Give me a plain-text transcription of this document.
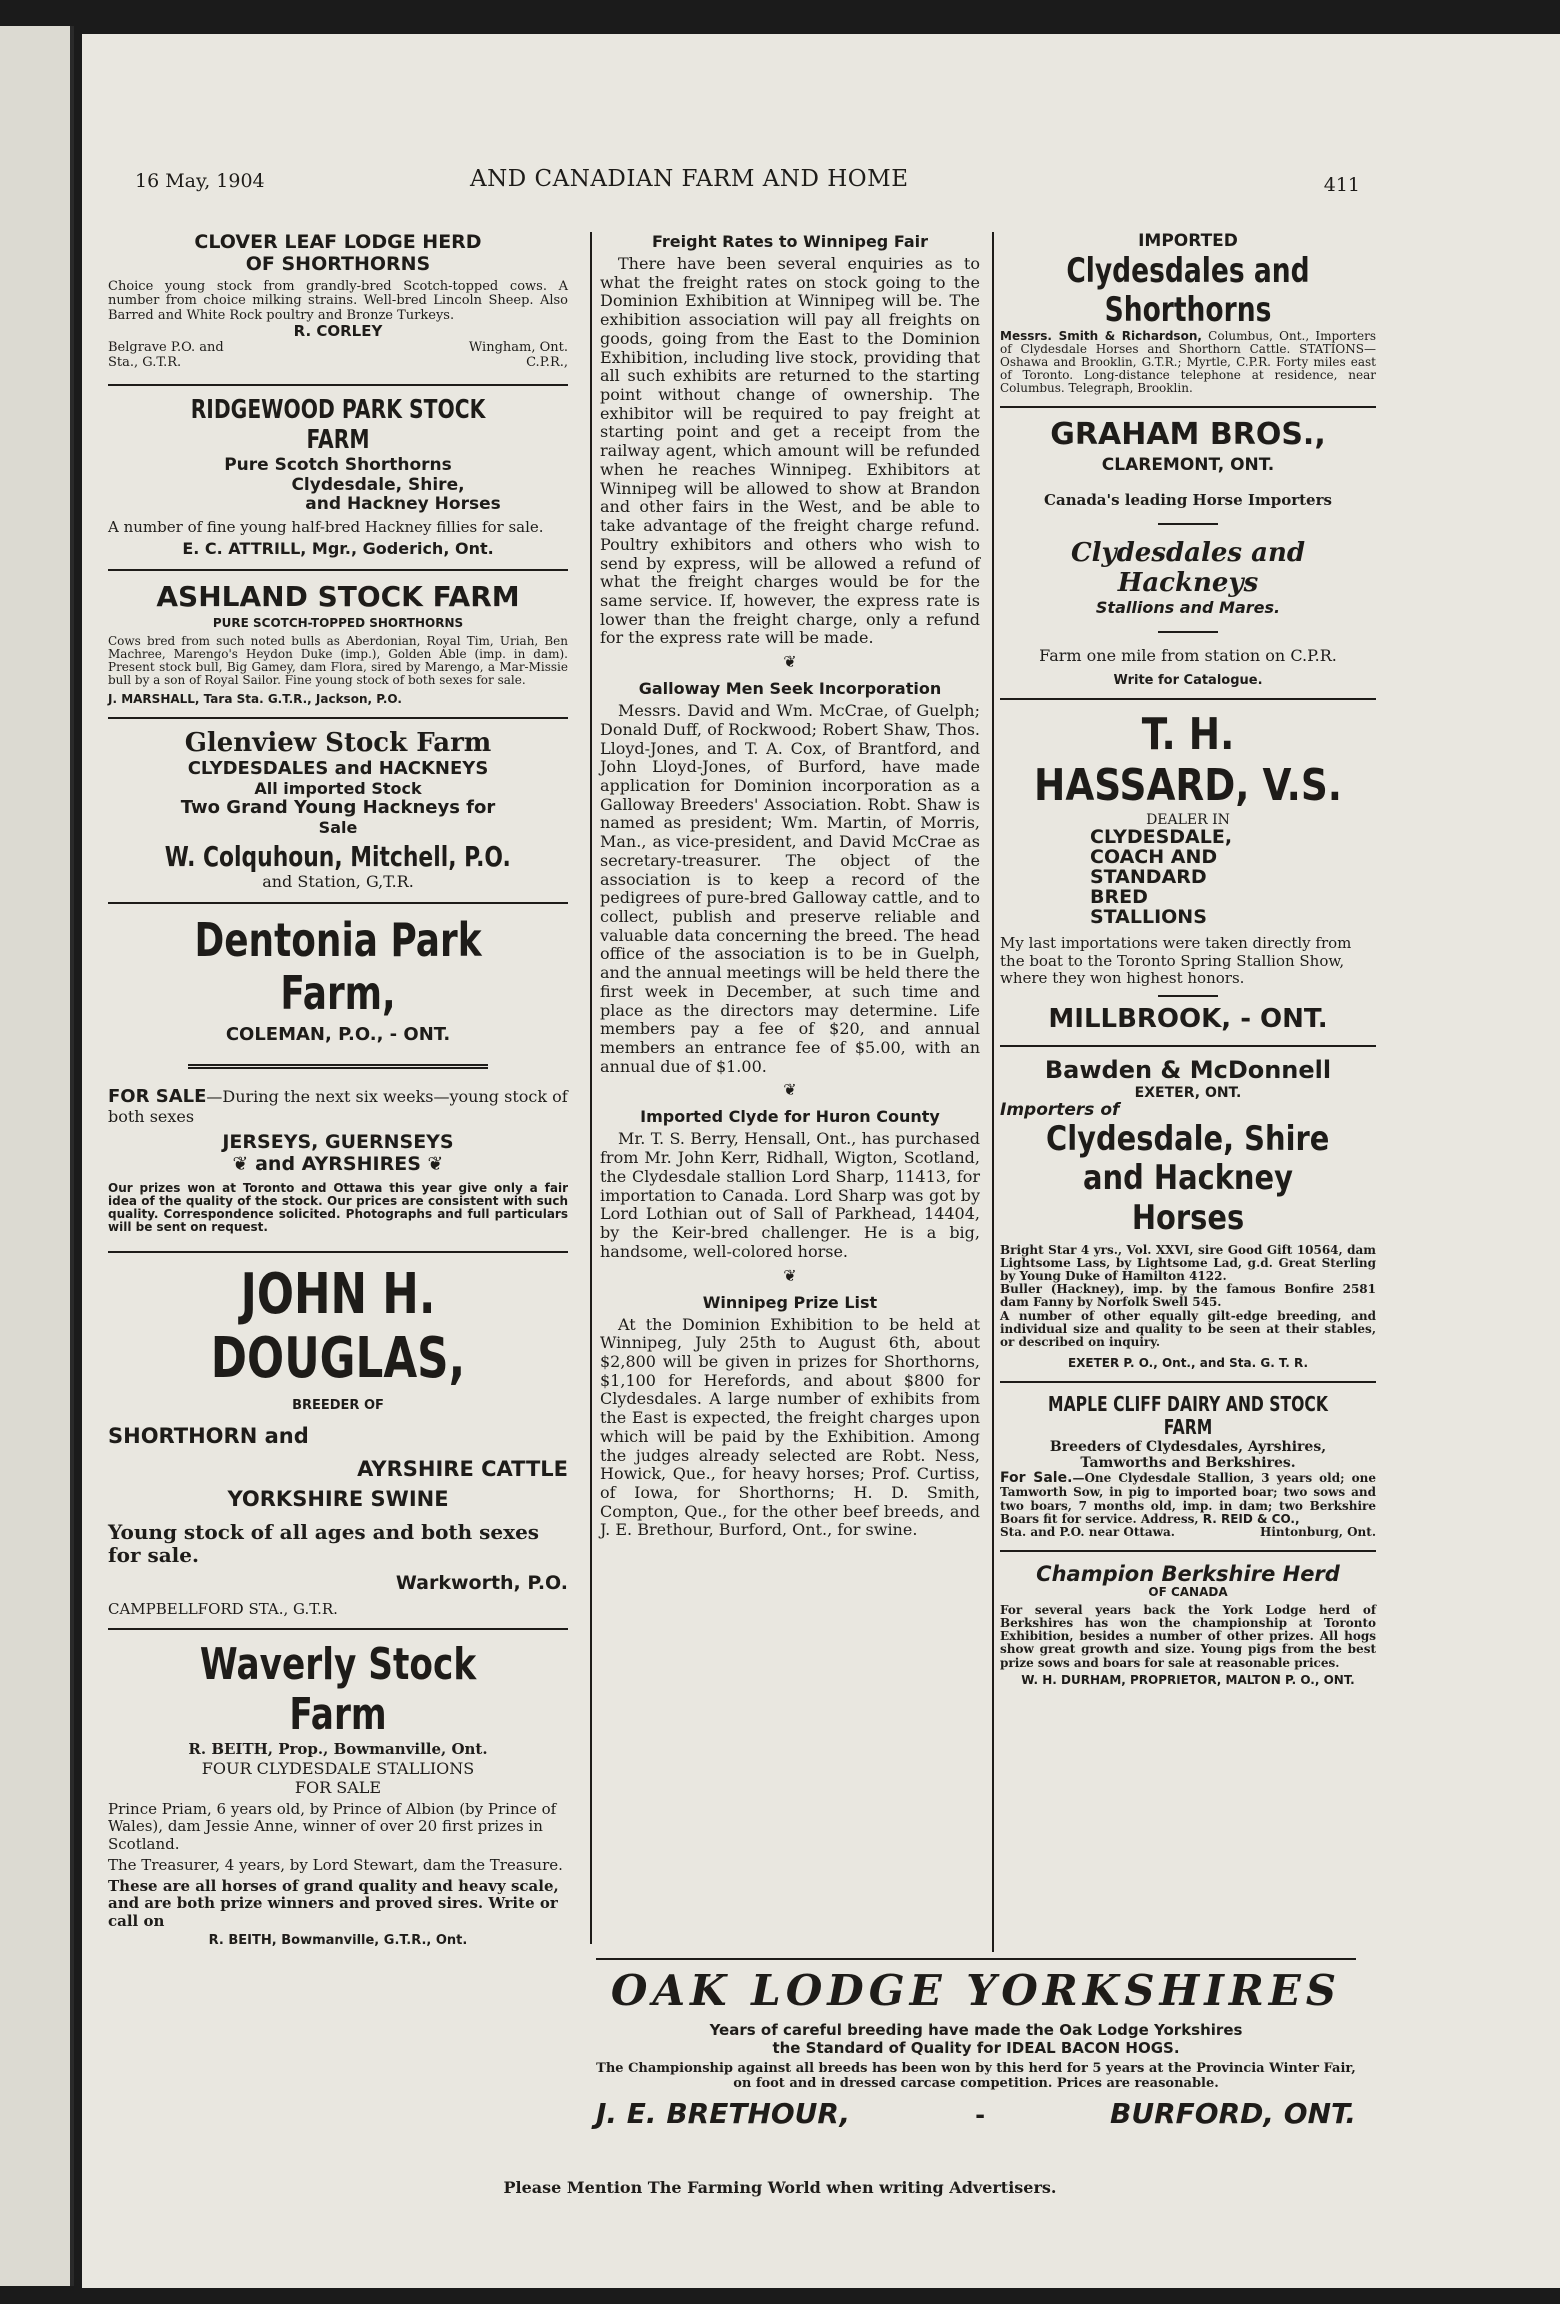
16 May, 1904	AND CANADIAN FARM AND HOME	411
CLOVER LEAF LODGE HERD
OF SHORTHORNS
Choice young stock from grandly-bred Scotch-topped cows. A number from choice milking strains. Well-bred Lincoln Sheep. Also Barred and White Rock poultry and Bronze Turkeys.
R. CORLEY
Belgrave P.O. and
Sta., G.T.R.
Wingham, Ont.
C.P.R.,
RIDGEWOOD PARK STOCK FARM
Pure Scotch Shorthorns
Clydesdale, Shire,
and Hackney Horses
A number of fine young half-bred Hackney fillies for sale.
E. C. ATTRILL, Mgr., Goderich, Ont.
ASHLAND STOCK FARM
PURE SCOTCH-TOPPED SHORTHORNS
Cows bred from such noted bulls as Aberdonian, Royal Tim, Uriah, Ben Machree, Marengo's Heydon Duke (imp.), Golden Able (imp. in dam). Present stock bull, Big Gamey, dam Flora, sired by Marengo, a Mar-Missie bull by a son of Royal Sailor. Fine young stock of both sexes for sale.
J. MARSHALL, Tara Sta. G.T.R., Jackson, P.O.
Glenview Stock Farm
CLYDESDALES and HACKNEYS
All imported Stock
Two Grand Young Hackneys for
Sale
W. Colquhoun, Mitchell, P.O.
and Station, G,T.R.
Dentonia Park Farm,
COLEMAN, P.O., - ONT.
FOR SALE—During the next six weeks—young stock of both sexes
JERSEYS, GUERNSEYS
❦ and AYRSHIRES ❦
Our prizes won at Toronto and Ottawa this year give only a fair idea of the quality of the stock. Our prices are consistent with such quality. Correspondence solicited. Photographs and full particulars will be sent on request.
JOHN H. DOUGLAS,
BREEDER OF
SHORTHORN and
AYRSHIRE CATTLE
YORKSHIRE SWINE
Young stock of all ages and both sexes for sale.
Warkworth, P.O.
CAMPBELLFORD STA., G.T.R.
Waverly Stock Farm
R. BEITH, Prop., Bowmanville, Ont.
FOUR CLYDESDALE STALLIONS
FOR SALE
Prince Priam, 6 years old, by Prince of Albion (by Prince of Wales), dam Jessie Anne, winner of over 20 first prizes in Scotland.
The Treasurer, 4 years, by Lord Stewart, dam the Treasure.
These are all horses of grand quality and heavy scale, and are both prize winners and proved sires. Write or call on
R. BEITH, Bowmanville, G.T.R., Ont.
Freight Rates to Winnipeg Fair

There have been several enquiries as to what the freight rates on stock going to the Dominion Exhibition at Winnipeg will be. The exhibition association will pay all freights on goods, going from the East to the Dominion Exhibition, including live stock, providing that all such exhibits are returned to the starting point without change of ownership. The exhibitor will be required to pay freight at starting point and get a receipt from the railway agent, which amount will be refunded when he reaches Winnipeg. Exhibitors at Winnipeg will be allowed to show at Brandon and other fairs in the West, and be able to take advantage of the freight charge refund. Poultry exhibitors and others who wish to send by express, will be allowed a refund of what the freight charges would be for the same service. If, however, the express rate is lower than the freight charge, only a refund for the express rate will be made.

❦
Galloway Men Seek Incorporation

Messrs. David and Wm. McCrae, of Guelph; Donald Duff, of Rockwood; Robert Shaw, Thos. Lloyd-Jones, and T. A. Cox, of Brantford, and John Lloyd-Jones, of Burford, have made application for Dominion incorporation as a Galloway Breeders' Association. Robt. Shaw is named as president; Wm. Martin, of Morris, Man., as vice-president, and David McCrae as secretary-treasurer. The object of the association is to keep a record of the pedigrees of pure-bred Galloway cattle, and to collect, publish and preserve reliable and valuable data concerning the breed. The head office of the association is to be in Guelph, and the annual meetings will be held there the first week in December, at such time and place as the directors may determine. Life members pay a fee of $20, and annual members an entrance fee of $5.00, with an annual due of $1.00.

❦
Imported Clyde for Huron County

Mr. T. S. Berry, Hensall, Ont., has purchased from Mr. John Kerr, Ridhall, Wigton, Scotland, the Clydesdale stallion Lord Sharp, 11413, for importation to Canada. Lord Sharp was got by Lord Lothian out of Sall of Parkhead, 14404, by the Keir-bred challenger. He is a big, handsome, well-colored horse.

❦
Winnipeg Prize List

At the Dominion Exhibition to be held at Winnipeg, July 25th to August 6th, about $2,800 will be given in prizes for Shorthorns, $1,100 for Herefords, and about $800 for Clydesdales. A large number of exhibits from the East is expected, the freight charges upon which will be paid by the Exhibition. Among the judges already selected are Robt. Ness, Howick, Que., for heavy horses; Prof. Curtiss, of Iowa, for Shorthorns; H. D. Smith, Compton, Que., for the other beef breeds, and J. E. Brethour, Burford, Ont., for swine.

IMPORTED
Clydesdales and Shorthorns
Messrs. Smith & Richardson, Columbus, Ont., Importers of Clydesdale Horses and Shorthorn Cattle. STATIONS—Oshawa and Brooklin, G.T.R.; Myrtle, C.P.R. Forty miles east of Toronto. Long-distance telephone at residence, near Columbus. Telegraph, Brooklin.
GRAHAM BROS.,
CLAREMONT, ONT.
Canada's leading Horse Importers
Clydesdales and Hackneys
Stallions and Mares.
Farm one mile from station on C.P.R.
Write for Catalogue.
T. H. HASSARD, V.S.
DEALER IN
CLYDESDALE,
COACH AND
STANDARD
BRED
STALLIONS
My last importations were taken directly from the boat to the Toronto Spring Stallion Show, where they won highest honors.
MILLBROOK, - ONT.
Bawden & McDonnell
EXETER, ONT.
Importers of
Clydesdale, Shire
and Hackney Horses
Bright Star 4 yrs., Vol. XXVI, sire Good Gift 10564, dam Lightsome Lass, by Lightsome Lad, g.d. Great Sterling by Young Duke of Hamilton 4122.
Buller (Hackney), imp. by the famous Bonfire 2581 dam Fanny by Norfolk Swell 545.
A number of other equally gilt-edge breeding, and individual size and quality to be seen at their stables, or described on inquiry.
EXETER P. O., Ont., and Sta. G. T. R.
MAPLE CLIFF DAIRY AND STOCK FARM
Breeders of Clydesdales, Ayrshires,
Tamworths and Berkshires.
For Sale.—One Clydesdale Stallion, 3 years old; one Tamworth Sow, in pig to imported boar; two sows and two boars, 7 months old, imp. in dam; two Berkshire Boars fit for service. Address, R. REID & CO.,
Sta. and P.O. near Ottawa.	Hintonburg, Ont.
Champion Berkshire Herd
OF CANADA
For several years back the York Lodge herd of Berkshires has won the championship at Toronto Exhibition, besides a number of other prizes. All hogs show great growth and size. Young pigs from the best prize sows and boars for sale at reasonable prices.
W. H. DURHAM, PROPRIETOR, MALTON P. O., ONT.
OAK LODGE YORKSHIRES
Years of careful breeding have made the Oak Lodge Yorkshires
the Standard of Quality for IDEAL BACON HOGS.
The Championship against all breeds has been won by this herd for 5 years at the Provincia Winter Fair, on foot and in dressed carcase competition. Prices are reasonable.
J. E. BRETHOUR,	-	BURFORD, ONT.
Please Mention The Farming World when writing Advertisers.
